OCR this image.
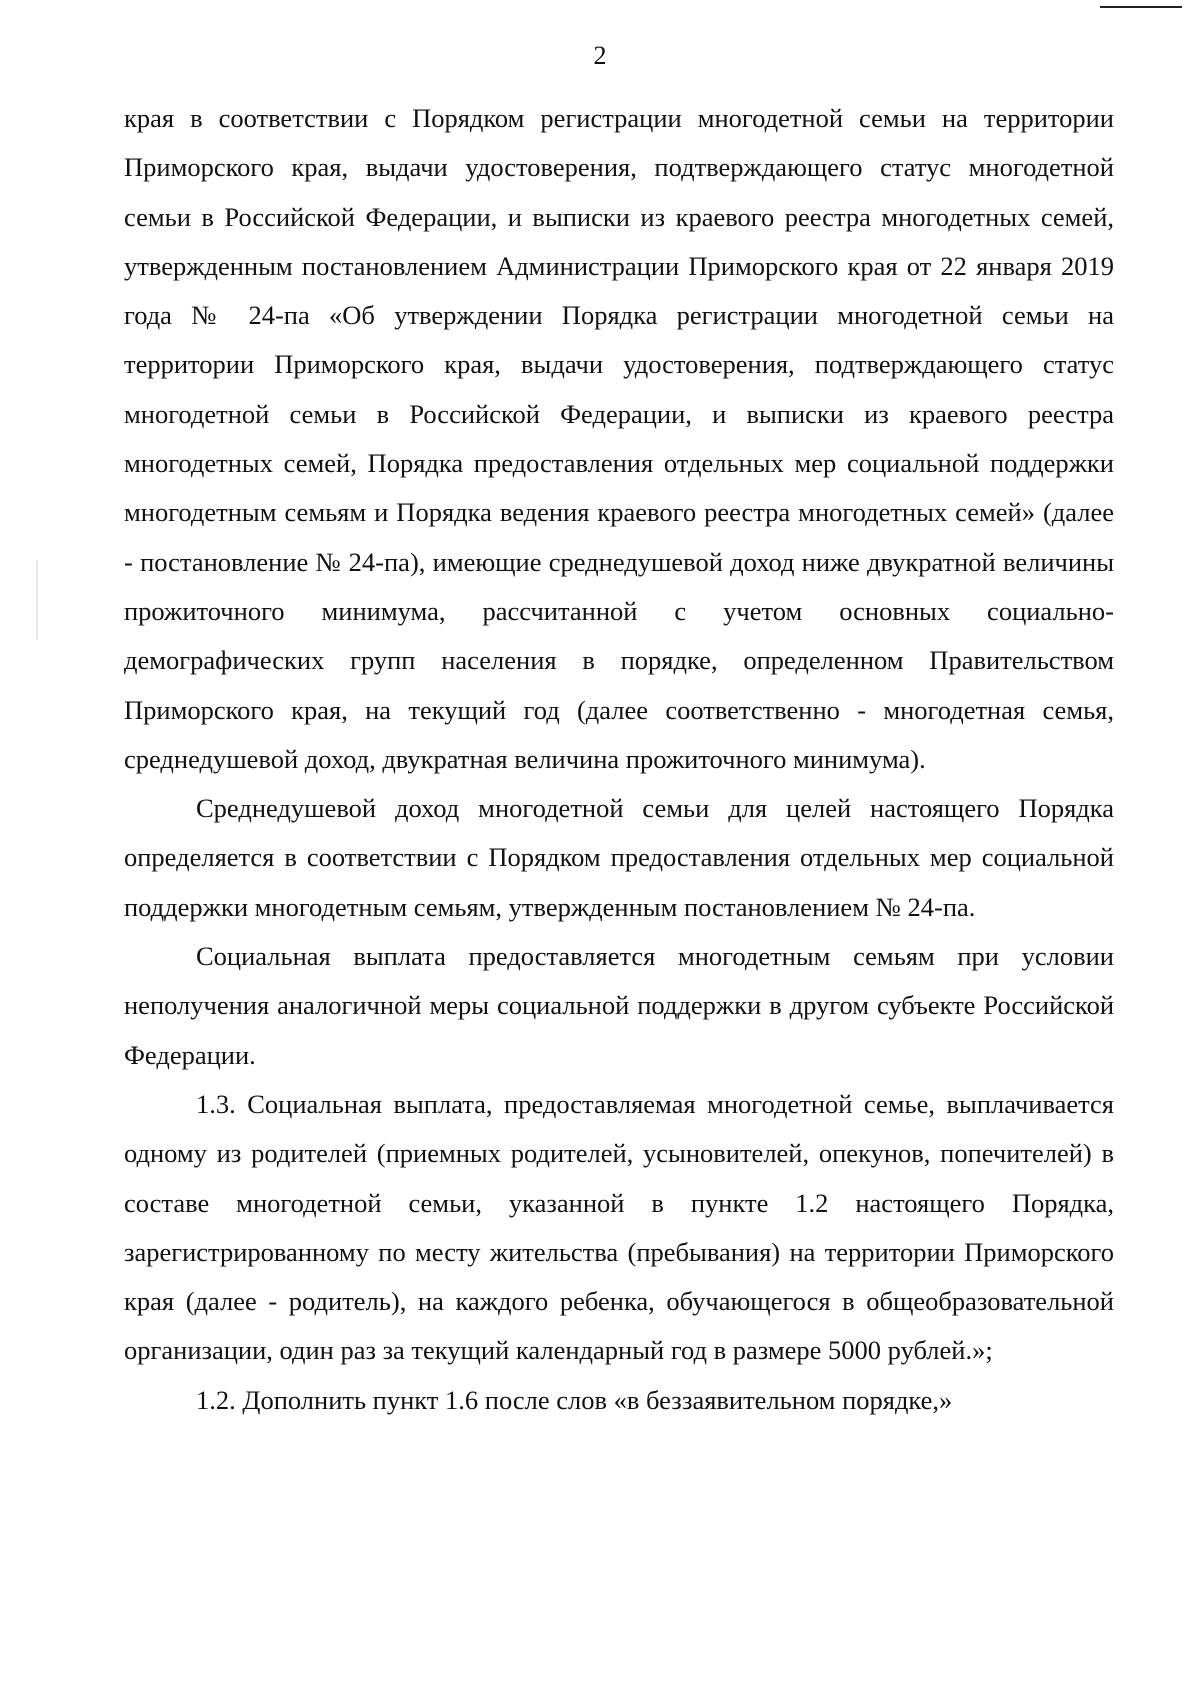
2

края в соответствии с Порядком регистрации многодетной семьи на территории Приморского края, выдачи удостоверения, подтверждающего статус многодетной семьи в Российской Федерации, и выписки из краевого реестра многодетных семей, утвержденным постановлением Администрации Приморского края от 22 января 2019 года № 24-па «Об утверждении Порядка регистрации многодетной семьи на территории Приморского края, выдачи удостоверения, подтверждающего статус многодетной семьи в Российской Федерации, и выписки из краевого реестра многодетных семей, Порядка предоставления отдельных мер социальной поддержки многодетным семьям и Порядка ведения краевого реестра многодетных семей» (далее - постановление № 24-па), имеющие среднедушевой доход ниже двукратной величины прожиточного минимума, рассчитанной с учетом основных социально-демографических групп населения в порядке, определенном Правительством Приморского края, на текущий год (далее соответственно - многодетная семья, среднедушевой доход, двукратная величина прожиточного минимума).

Среднедушевой доход многодетной семьи для целей настоящего Порядка определяется в соответствии с Порядком предоставления отдельных мер социальной поддержки многодетным семьям, утвержденным постановлением № 24-па.

Социальная выплата предоставляется многодетным семьям при условии неполучения аналогичной меры социальной поддержки в другом субъекте Российской Федерации.

1.3. Социальная выплата, предоставляемая многодетной семье, выплачивается одному из родителей (приемных родителей, усыновителей, опекунов, попечителей) в составе многодетной семьи, указанной в пункте 1.2 настоящего Порядка, зарегистрированному по месту жительства (пребывания) на территории Приморского края (далее - родитель), на каждого ребенка, обучающегося в общеобразовательной организации, один раз за текущий календарный год в размере 5000 рублей.»;

1.2. Дополнить пункт 1.6 после слов «в беззаявительном порядке,»
